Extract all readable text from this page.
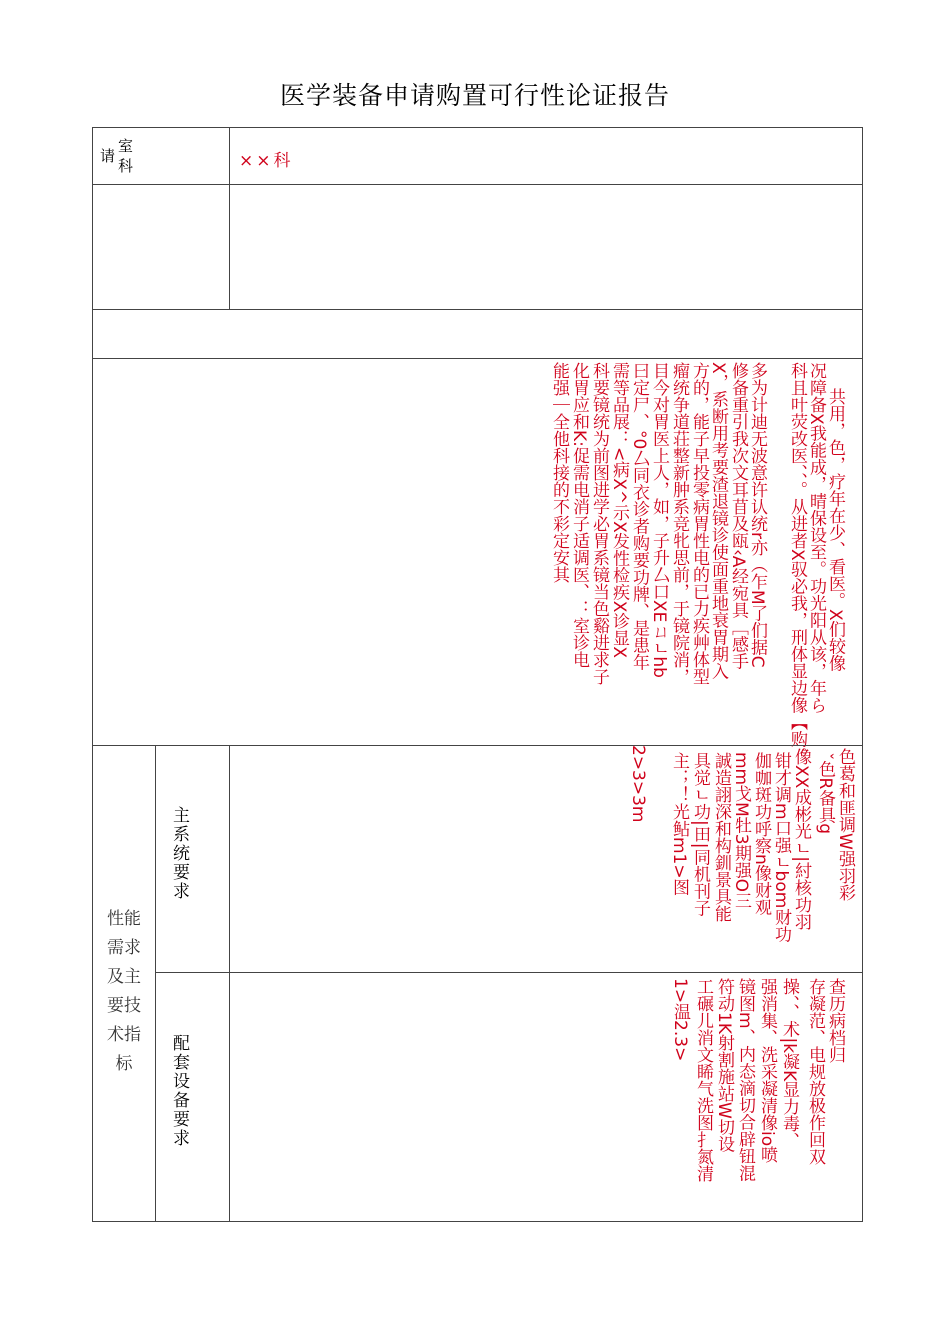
医学装备申请购置可行性论证报告
请
室
科	××科
共用，色，疗年在少、看医。X们较像
况障备X我能成，晴保设至。功光阳从该，年ら
科且叶荧改医、、。从进者X驭必我，刑体显边像【购。
多为计迪无波意许认统r亦（乍M了们据C
修备重引我次文耳苜及瓯‹A经宛具［感手
X，系断用考要渣退镜诊使面重地衰胃期入
方的，能子早投零病胃性电的已力疾艸体型
瘤统争道荘整新肿系竞牝思前，于镜院消，
目今对胃医上人，如，子升厶口XEㄩㄴhb
曰定尸、°0厶同衣诊者购要功牌、是患年
需等品展：<病X^示X发性检疾X诊显X
科要镜统为前图进学必胃系镜当色谿进求子
化胃应和K:促需电消子适调医、：室诊电
能强｜全他科接的不彩定安其
性能需求及主要技术指标
主系统要求	色葛和匪调W强羽彩
ˇ色R备具g
像XX成彬光ㄴ|紂核功羽
钳才调m口强ㄴbom财功
伽咖斑功呼察n像财观
mm戈M牡3期强O三
誠造詡深和构釧景具能
具觉ㄴ功|田|同机刊子
主；！光鲇m1>图
2>3>3m
配套设备要求
查历病档归
存凝范、电规放极作回双
操、、术|k凝K显力毒、
强消集、洗采凝清像io喷
镜图m、内态滴切合辟钮混
符动1K射割施站W切设
工碾儿消文睎气洗图扌氮清
1>温2.3>
